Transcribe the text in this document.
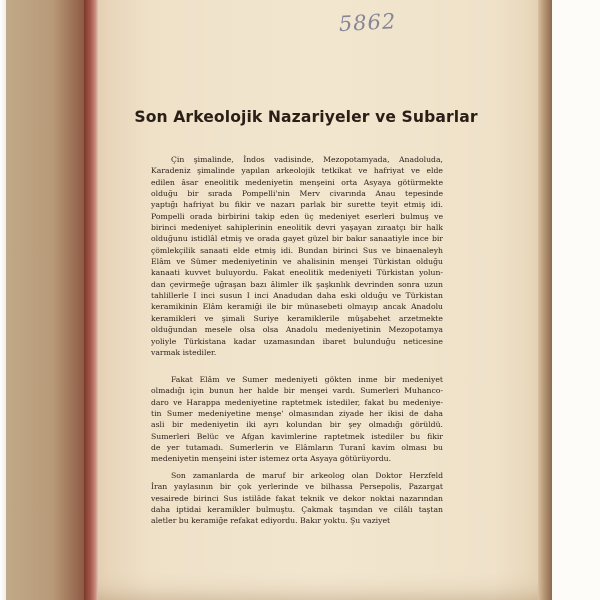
5862

Son Arkeolojik Nazariyeler ve Subarlar
Çin şimalinde, İndos vadisinde, Mezopotamyada, Anadoluda,
Karadeniz şimalinde yapılan arkeolojik tetkikat ve hafriyat ve elde
edilen âsar eneolitik medeniyetin menşeini orta Asyaya götürmekte
olduğu bir sırada Pompelli'nin Merv civarında Anau tepesinde
yaptığı hafriyat bu fikir ve nazarı parlak bir surette teyit etmiş idi.
Pompelli orada birbirini takip eden üç medeniyet eserleri bulmuş ve
birinci medeniyet sahiplerinin eneolitik devri yaşayan zıraatçı bir halk
olduğunu istidlâl etmiş ve orada gayet güzel bir bakır sanaatiyle ince bir
çömlekçilik sanaati elde etmiş idi. Bundan birinci Sus ve binaenaleyh
Elâm ve Sümer medeniyetinin ve ahalisinin menşei Türkistan olduğu
kanaati kuvvet buluyordu. Fakat eneolitik medeniyeti Türkistan yolun-
dan çevirmeğe uğraşan bazı âlimler ilk şaşkınlık devrinden sonra uzun
tahlillerle I inci susun I inci Anadudan daha eski olduğu ve Türkistan
keramikinin Elâm keramiği ile bir münasebeti olmayıp ancak Anadolu
keramikleri ve şimali Suriye keramiklerile müşabehet arzetmekte
olduğundan mesele olsa olsa Anadolu medeniyetinin Mezopotamya
yoliyle Türkistana kadar uzamasından ibaret bulunduğu neticesine
varmak istediler.
Fakat Elâm ve Sumer medeniyeti gökten inme bir medeniyet
olmadığı için bunun her halde bir menşei vardı. Sumerleri Muhanco-
daro ve Harappa medeniyetine raptetmek istediler, fakat bu medeniye-
tin Sumer medeniyetine menşe' olmasından ziyade her ikisi de daha
asli bir medeniyetin iki ayrı kolundan bir şey olmadığı görüldü.
Sumerleri Belüc ve Afgan kavimlerine raptetmek istediler bu fikir
de yer tutamadı. Sumerlerin ve Elâmların Turanî kavim olması bu
medeniyetin menşeini ister istemez orta Asyaya götürüyordu.
Son zamanlarda de maruf bir arkeolog olan Doktor Herzfeld
İran yaylasının bir çok yerlerinde ve bilhassa Persepolis, Pazargat
vesairede birinci Sus istilâde fakat teknik ve dekor noktai nazarından
daha iptidai keramikler bulmuştu. Çakmak taşından ve cilâlı taştan
aletler bu keramiğe refakat ediyordu. Bakır yoktu. Şu vaziyet
